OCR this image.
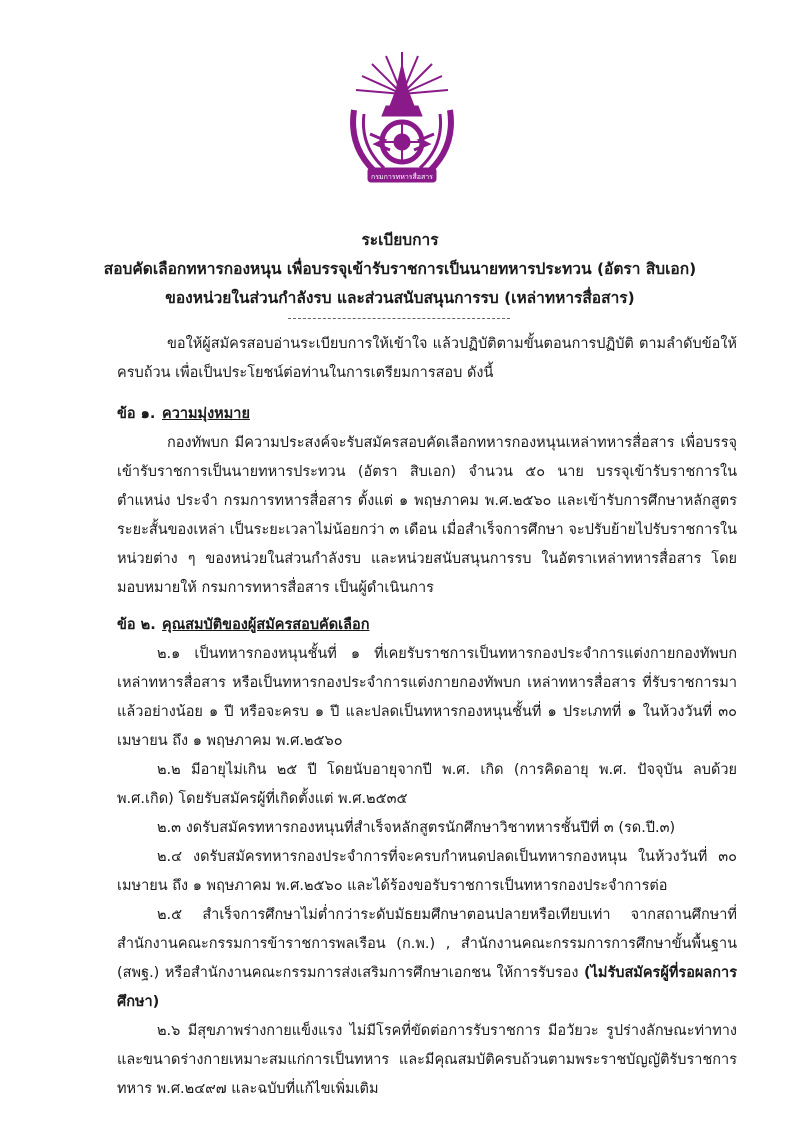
กรมการทหารสื่อสาร
ระเบียบการ
สอบคัดเลือกทหารกองหนุน เพื่อบรรจุเข้ารับราชการเป็นนายทหารประทวน (อัตรา สิบเอก)
ของหน่วยในส่วนกำลังรบ และส่วนสนับสนุนการรบ (เหล่าทหารสื่อสาร)

ขอให้ผู้สมัครสอบอ่านระเบียบการให้เข้าใจ แล้วปฏิบัติตามขั้นตอนการปฏิบัติ ตามลำดับข้อให้ครบถ้วน เพื่อเป็นประโยชน์ต่อท่านในการเตรียมการสอบ ดังนี้

ข้อ ๑. ความมุ่งหมาย

กองทัพบก มีความประสงค์จะรับสมัครสอบคัดเลือกทหารกองหนุนเหล่าทหารสื่อสาร เพื่อบรรจุเข้ารับราชการเป็นนายทหารประทวน (อัตรา สิบเอก) จำนวน ๕๐ นาย บรรจุเข้ารับราชการในตำแหน่ง ประจำ กรมการทหารสื่อสาร ตั้งแต่ ๑ พฤษภาคม พ.ศ.๒๕๖๐ และเข้ารับการศึกษาหลักสูตรระยะสั้นของเหล่า เป็นระยะเวลาไม่น้อยกว่า ๓ เดือน เมื่อสำเร็จการศึกษา จะปรับย้ายไปรับราชการในหน่วยต่าง ๆ ของหน่วยในส่วนกำลังรบ และหน่วยสนับสนุนการรบ ในอัตราเหล่าทหารสื่อสาร โดยมอบหมายให้ กรมการทหารสื่อสาร เป็นผู้ดำเนินการ

ข้อ ๒. คุณสมบัติของผู้สมัครสอบคัดเลือก

๒.๑ เป็นทหารกองหนุนชั้นที่ ๑ ที่เคยรับราชการเป็นทหารกองประจำการแต่งกายกองทัพบก เหล่าทหารสื่อสาร หรือเป็นทหารกองประจำการแต่งกายกองทัพบก เหล่าทหารสื่อสาร ที่รับราชการมาแล้วอย่างน้อย ๑ ปี หรือจะครบ ๑ ปี และปลดเป็นทหารกองหนุนชั้นที่ ๑ ประเภทที่ ๑ ในห้วงวันที่ ๓๐ เมษายน ถึง ๑ พฤษภาคม พ.ศ.๒๕๖๐

๒.๒ มีอายุไม่เกิน ๒๕ ปี โดยนับอายุจากปี พ.ศ. เกิด (การคิดอายุ พ.ศ. ปัจจุบัน ลบด้วย พ.ศ.เกิด) โดยรับสมัครผู้ที่เกิดตั้งแต่ พ.ศ.๒๕๓๕

๒.๓ งดรับสมัครทหารกองหนุนที่สำเร็จหลักสูตรนักศึกษาวิชาทหารชั้นปีที่ ๓ (รด.ปี.๓)

๒.๔ งดรับสมัครทหารกองประจำการที่จะครบกำหนดปลดเป็นทหารกองหนุน ในห้วงวันที่ ๓๐ เมษายน ถึง ๑ พฤษภาคม พ.ศ.๒๕๖๐ และได้ร้องขอรับราชการเป็นทหารกองประจำการต่อ

๒.๕ สำเร็จการศึกษาไม่ต่ำกว่าระดับมัธยมศึกษาตอนปลายหรือเทียบเท่า จากสถานศึกษาที่สำนักงานคณะกรรมการข้าราชการพลเรือน (ก.พ.) , สำนักงานคณะกรรมการการศึกษาขั้นพื้นฐาน (สพฐ.) หรือสำนักงานคณะกรรมการส่งเสริมการศึกษาเอกชน ให้การรับรอง (ไม่รับสมัครผู้ที่รอผลการศึกษา)

๒.๖ มีสุขภาพร่างกายแข็งแรง ไม่มีโรคที่ขัดต่อการรับราชการ มีอวัยวะ รูปร่างลักษณะท่าทางและขนาดร่างกายเหมาะสมแก่การเป็นทหาร และมีคุณสมบัติครบถ้วนตามพระราชบัญญัติรับราชการทหาร พ.ศ.๒๔๙๗ และฉบับที่แก้ไขเพิ่มเติม
